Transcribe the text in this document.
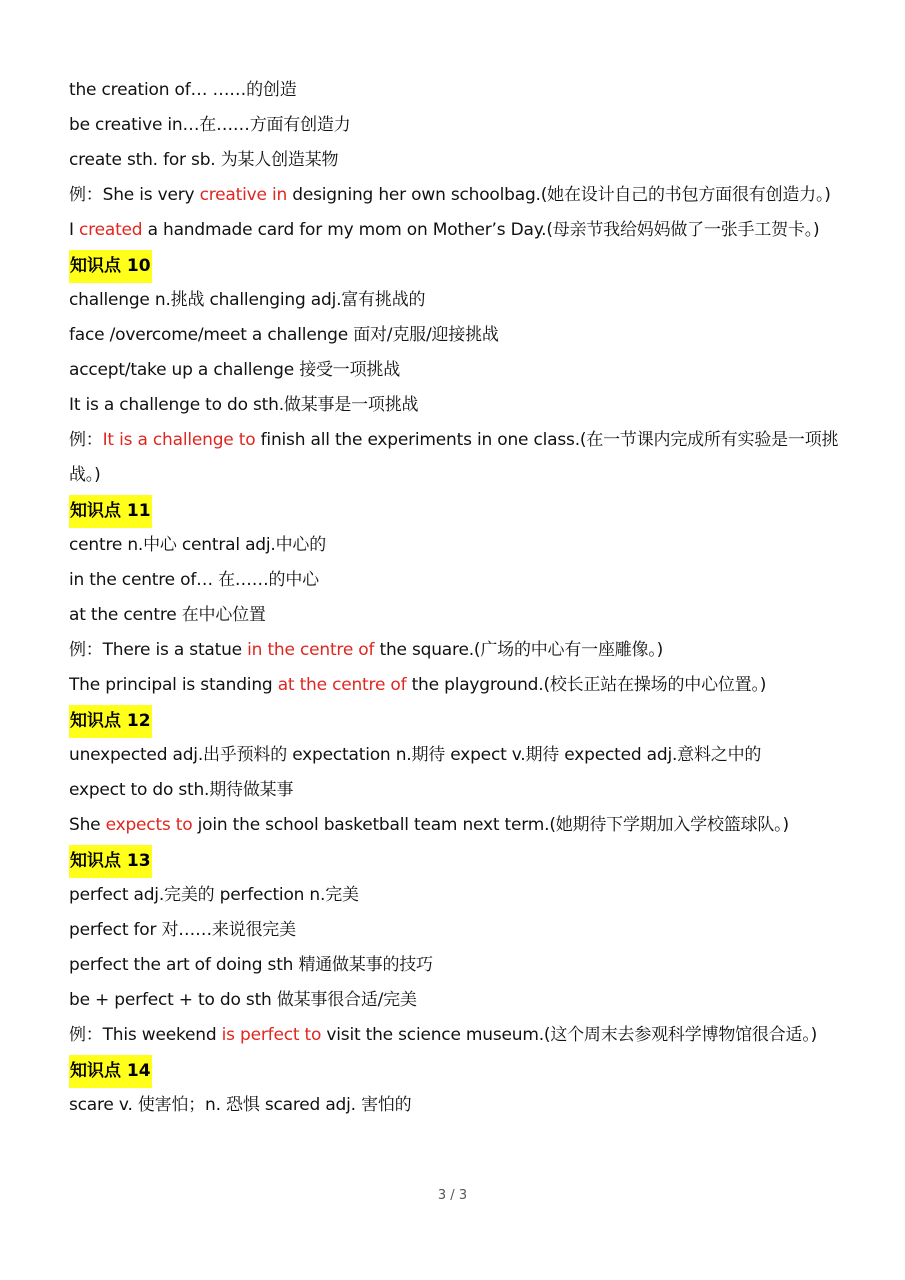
the creation of… ……的创造
be creative in…在……方面有创造力
create sth. for sb. 为某人创造某物
例：She is very creative in designing her own schoolbag.(她在设计自己的书包方面很有创造力。)
I created a handmade card for my mom on Mother’s Day.(母亲节我给妈妈做了一张手工贺卡。)
知识点 10
challenge n.挑战 challenging adj.富有挑战的
face /overcome/meet a challenge 面对/克服/迎接挑战
accept/take up a challenge 接受一项挑战
It is a challenge to do sth.做某事是一项挑战
例：It is a challenge to finish all the experiments in one class.(在一节课内完成所有实验是一项挑战。)
知识点 11
centre n.中心 central adj.中心的
in the centre of… 在……的中心
at the centre 在中心位置
例：There is a statue in the centre of the square.(广场的中心有一座雕像。)
The principal is standing at the centre of the playground.(校长正站在操场的中心位置。)
知识点 12
unexpected adj.出乎预料的 expectation n.期待 expect v.期待 expected adj.意料之中的
expect to do sth.期待做某事
She expects to join the school basketball team next term.(她期待下学期加入学校篮球队。)
知识点 13
perfect adj.完美的 perfection n.完美
perfect for 对……来说很完美
perfect the art of doing sth 精通做某事的技巧
be + perfect + to do sth 做某事很合适/完美
例：This weekend is perfect to visit the science museum.(这个周末去参观科学博物馆很合适。)
知识点 14
scare v. 使害怕；n. 恐惧 scared adj. 害怕的
3 / 3
